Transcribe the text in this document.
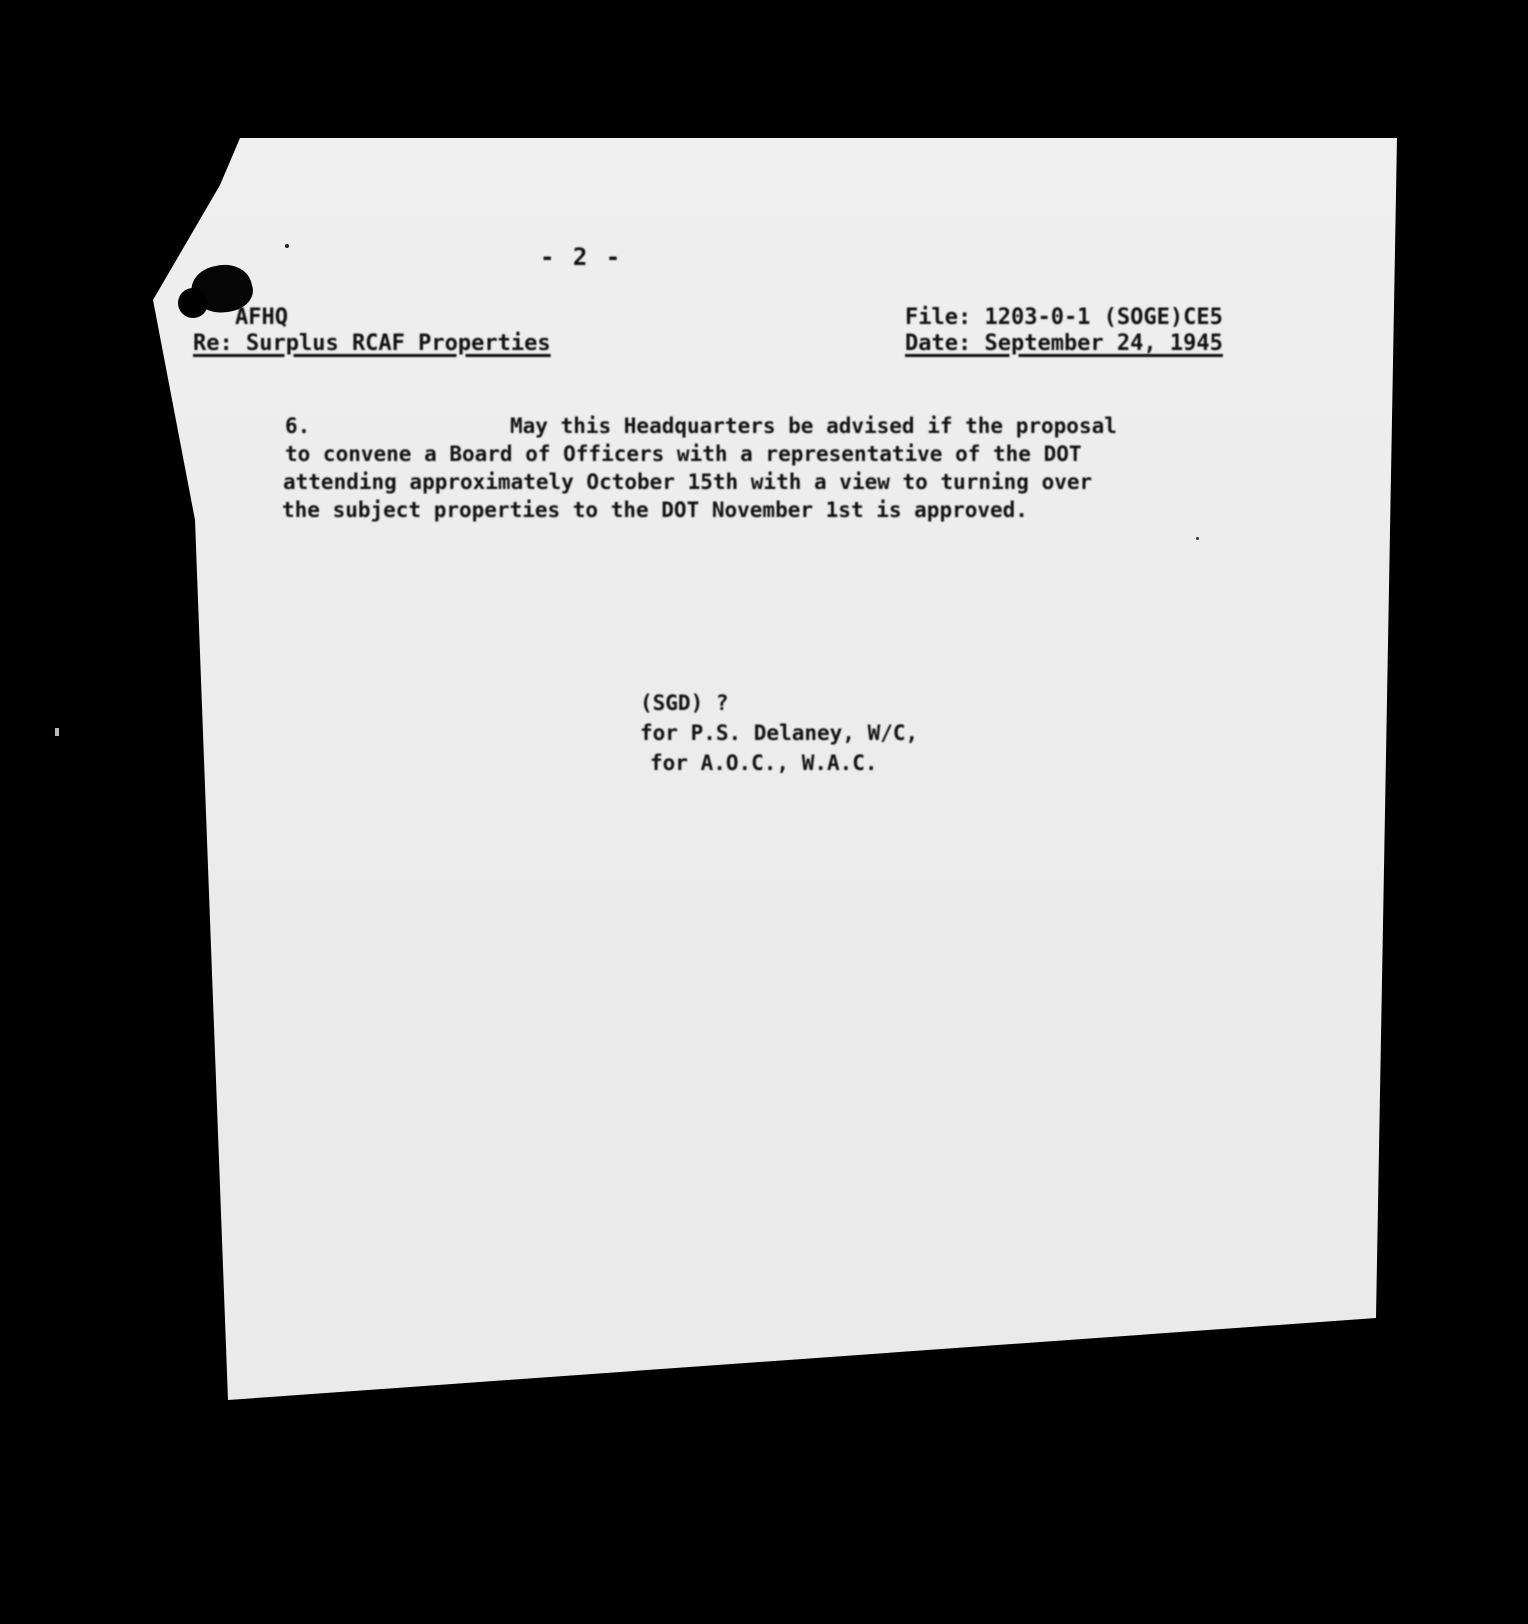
- 2 -
AFHQ
Re: Surplus RCAF Properties
File: 1203-0-1 (SOGE)CE5
Date: September 24, 1945
6.	May this Headquarters be advised if the proposal
to convene a Board of Officers with a representative of the DOT
attending approximately October 15th with a view to turning over
the subject properties to the DOT November 1st is approved.
(SGD) ?
for P.S. Delaney, W/C,
for A.O.C., W.A.C.
